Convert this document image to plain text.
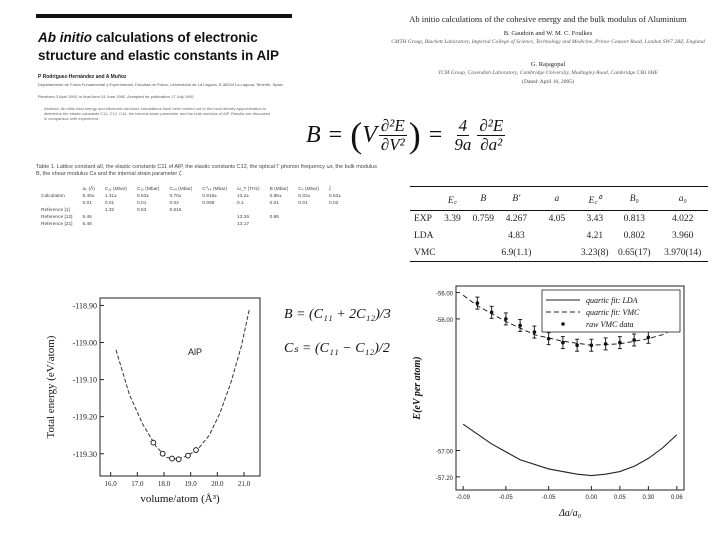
Ab initio calculations of electronic structure and elastic constants in AlP
P Rodríguez-Hernández and A Muñoz
Departamento de Física Fundamental y Experimental, Facultad de Física, Universidad de La Laguna, E-38204 La Laguna, Tenerife, Spain
Received 3 April 1992, in final form 24 June 1992. Accepted for publication 17 July 1992
Abstract. Ab initio total energy and electronic structure calculations have been carried out in the local density approximation to determine the elastic constants C11, C12, C44, the internal strain parameter and the bulk modulus of AlP. Results are discussed in comparison with experiment.
Ab initio calculations of the cohesive energy and the bulk modulus of Aluminium
B. Gaudoin and W. M. C. Foulkes
CMTH Group, Blackett Laboratory, Imperial College of Science, Technology and Medicine, Prince Consort Road, London SW7 2BZ, England
G. Rajagopal
TCM Group, Cavendish Laboratory, Cambridge University, Madingley Road, Cambridge CB3 0HE
(Dated: April 16, 2005)
B = ( V $\frac{\text{∂²E}}{\text{∂V²}}$ ) = $\frac{4}{9a} \frac{\text{∂²E}}{\text{∂a²}}$
Table 1. Lattice constant a0, the elastic constants C11 of AlP, the elastic constants C12, the optical Γ phonon frequency ωr, the bulk modulus B, the shear modulus Cs and the internal strain parameter ζ.
	a₀ (Å)	C₁₁ (Mbar)	C₁₂ (Mbar)	C₄₄ (Mbar)	C⁰₄₄ (Mbar)	ω_T (THz)	B (Mbar)	Cₛ (Mbar)	ζ
Calculation	5.40±	1.31±	0.63±	0.70±	0.916±	13.2±	0.86±	0.32±	0.63±
	0.01	0.01	0.01	0.02	0.008	0.1	0.01	0.01	0.02
Reference [1]		1.32	0.63	0.615					
Reference [12]	5.46					13.26	0.86		
Reference [21]	5.46					13.17			
	E꜀	B	B′	a	E꜀⁰	B₀	a₀
EXP	3.39	0.759	4.267	4.05	3.43	0.813	4.022
LDA			4.83		4.21	0.802	3.960
VMC			6.9(1.1)		3.23(8)	0.65(17)	3.970(14)
-118.90
-119.00
-119.10
-119.20
-119.30
16.0 17.0 18.0 19.0 20.0 21.0
volume/atom (Å³)
Total energy (eV/atom)	AlP
B = (C₁₁ + 2C₁₂)/3
Cₛ = (C₁₁ − C₁₂)/2
-56.00
-56.00
-57.00
-57.20
-0.09	-0.05	-0.05	0.00	0.05	0.30	0.06
Δa/a₀
E(eV per atom)
quartic fit: LDA
quartic fit: VMC
raw VMC data
